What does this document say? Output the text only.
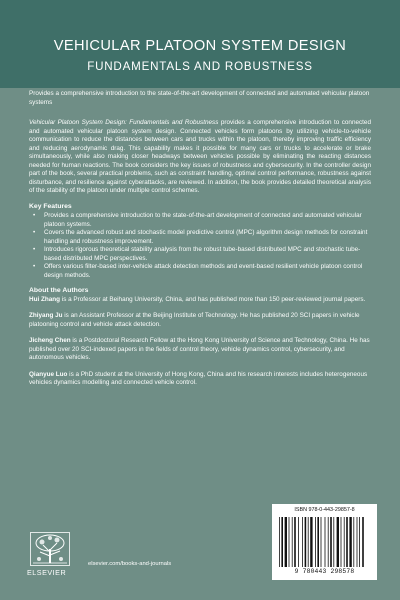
VEHICULAR PLATOON SYSTEM DESIGN
FUNDAMENTALS AND ROBUSTNESS
Provides a comprehensive introduction to the state-of-the-art development of connected and automated vehicular platoon systems
Vehicular Platoon System Design: Fundamentals and Robustness provides a comprehensive introduction to connected and automated vehicular platoon system design. Connected vehicles form platoons by utilizing vehicle-to-vehicle communication to reduce the distances between cars and trucks within the platoon, thereby improving traffic efficiency and reducing aerodynamic drag. This capability makes it possible for many cars or trucks to accelerate or brake simultaneously, while also making closer headways between vehicles possible by eliminating the reacting distances needed for human reactions. The book considers the key issues of robustness and cybersecurity. In the controller design part of the book, several practical problems, such as constraint handling, optimal control performance, robustness against disturbance, and resilience against cyberattacks, are reviewed. In addition, the book provides detailed theoretical analysis of the stability of the platoon under multiple control schemes.
Key Features
• Provides a comprehensive introduction to the state-of-the-art development of connected and automated vehicular platoon systems.
• Covers the advanced robust and stochastic model predictive control (MPC) algorithm design methods for constraint handling and robustness improvement.
• Introduces rigorous theoretical stability analysis from the robust tube-based distributed MPC and stochastic tube-based distributed MPC perspectives.
• Offers various filter-based inter-vehicle attack detection methods and event-based resilient vehicle platoon control design methods.
About the Authors
Hui Zhang is a Professor at Beihang University, China, and has published more than 150 peer-reviewed journal papers.
Zhiyang Ju is an Assistant Professor at the Beijing Institute of Technology. He has published 20 SCI papers in vehicle platooning control and vehicle attack detection.
Jicheng Chen is a Postdoctoral Research Fellow at the Hong Kong University of Science and Technology, China. He has published over 20 SCI-indexed papers in the fields of control theory, vehicle dynamics control, cybersecurity, and autonomous vehicles.
Qianyue Luo is a PhD student at the University of Hong Kong, China and his research interests includes heterogeneous vehicles dynamics modelling and connected vehicle control.
ELSEVIER
elsevier.com/books-and-journals
ISBN 978-0-443-29857-8
9 780443 298578
